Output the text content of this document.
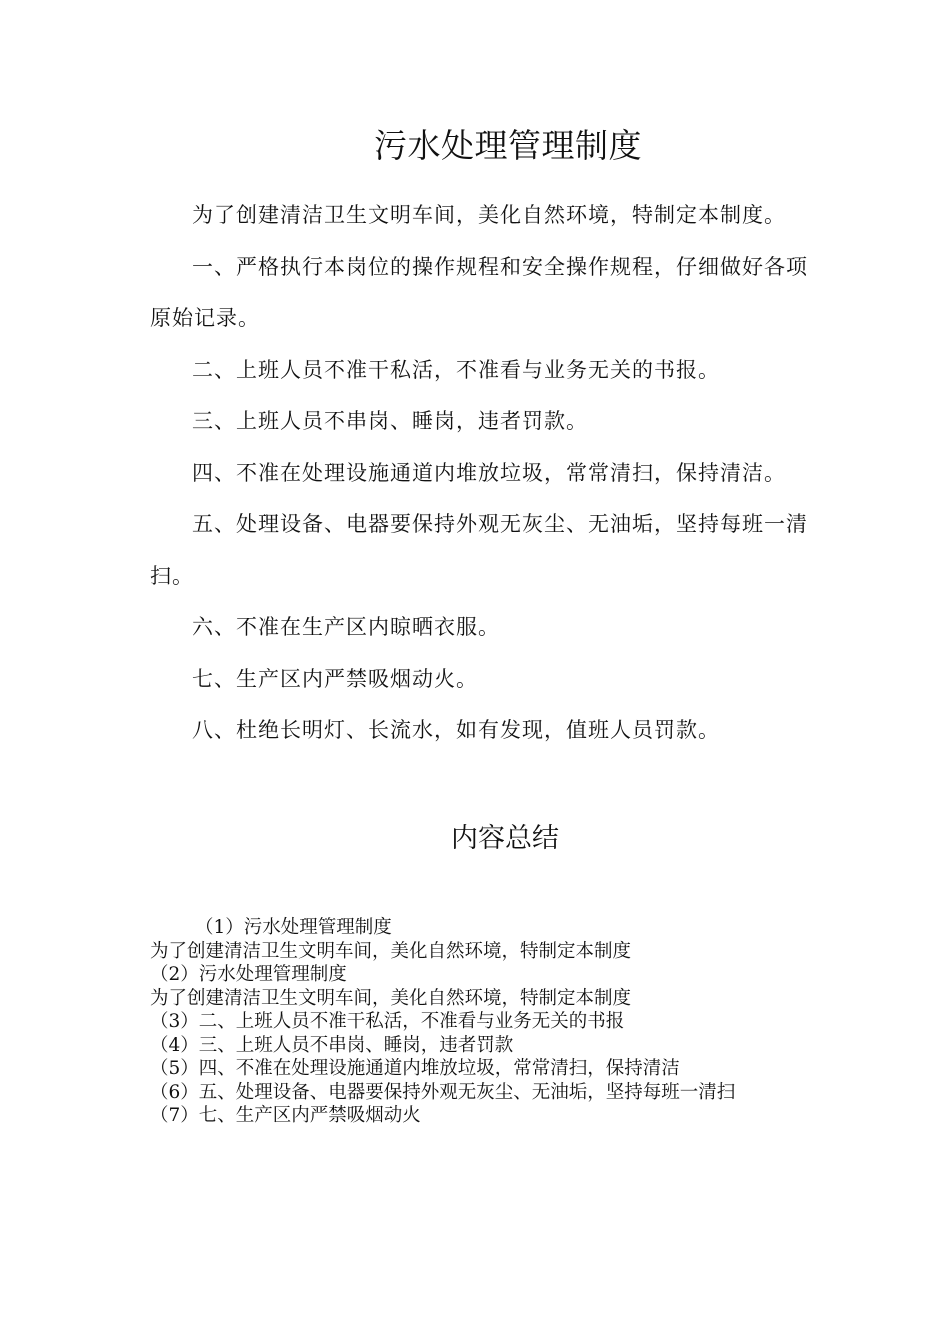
污水处理管理制度

为了创建清洁卫生文明车间，美化自然环境，特制定本制度。

一、严格执行本岗位的操作规程和安全操作规程，仔细做好各项原始记录。

二、上班人员不准干私活，不准看与业务无关的书报。

三、上班人员不串岗、睡岗，违者罚款。

四、不准在处理设施通道内堆放垃圾，常常清扫，保持清洁。

五、处理设备、电器要保持外观无灰尘、无油垢，坚持每班一清扫。

六、不准在生产区内晾晒衣服。

七、生产区内严禁吸烟动火。

八、杜绝长明灯、长流水，如有发现，值班人员罚款。

内容总结

（1）污水处理管理制度

为了创建清洁卫生文明车间，美化自然环境，特制定本制度

（2）污水处理管理制度

为了创建清洁卫生文明车间，美化自然环境，特制定本制度

（3）二、上班人员不准干私活，不准看与业务无关的书报

（4）三、上班人员不串岗、睡岗，违者罚款

（5）四、不准在处理设施通道内堆放垃圾，常常清扫，保持清洁

（6）五、处理设备、电器要保持外观无灰尘、无油垢，坚持每班一清扫

（7）七、生产区内严禁吸烟动火
